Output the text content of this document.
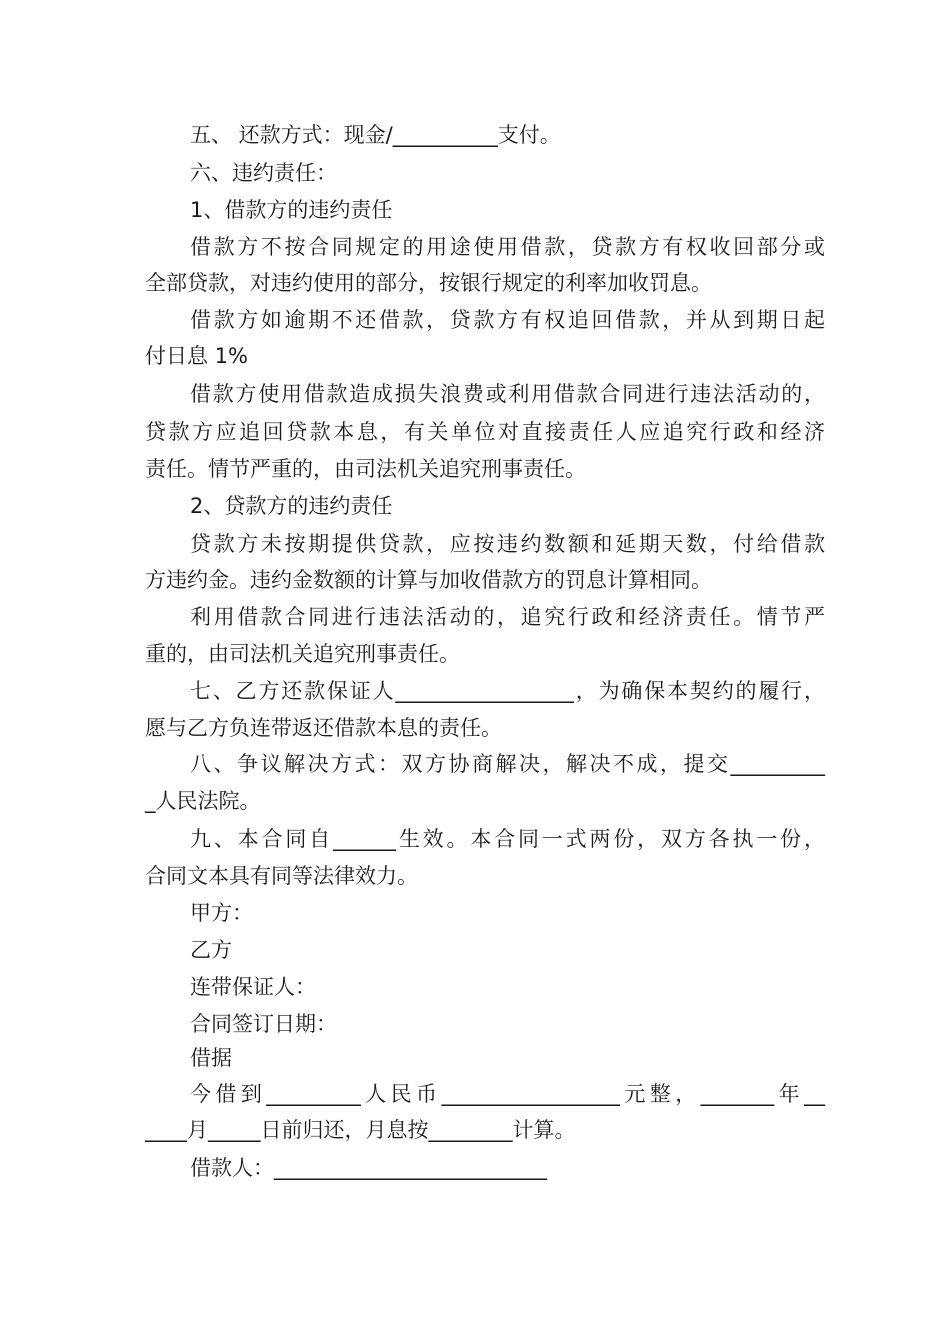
五、 还款方式：现金/__________支付。
六、违约责任：
1、借款方的违约责任
借款方不按合同规定的用途使用借款，贷款方有权收回部分或
全部贷款，对违约使用的部分，按银行规定的利率加收罚息。
借款方如逾期不还借款，贷款方有权追回借款，并从到期日起
付日息 1%
借款方使用借款造成损失浪费或利用借款合同进行违法活动的，
贷款方应追回贷款本息，有关单位对直接责任人应追究行政和经济
责任。情节严重的，由司法机关追究刑事责任。
2、贷款方的违约责任
贷款方未按期提供贷款，应按违约数额和延期天数，付给借款
方违约金。违约金数额的计算与加收借款方的罚息计算相同。
利用借款合同进行违法活动的，追究行政和经济责任。情节严
重的，由司法机关追究刑事责任。
七、乙方还款保证人_________________，为确保本契约的履行，
愿与乙方负连带返还借款本息的责任。
八、争议解决方式：双方协商解决，解决不成，提交_________
_人民法院。
九、本合同自______生效。本合同一式两份，双方各执一份，
合同文本具有同等法律效力。
甲方：
乙方
连带保证人：
合同签订日期：
借据
今借到_________人民币_________________元整，_______年__
____月_____日前归还，月息按________计算。
借款人：__________________________
